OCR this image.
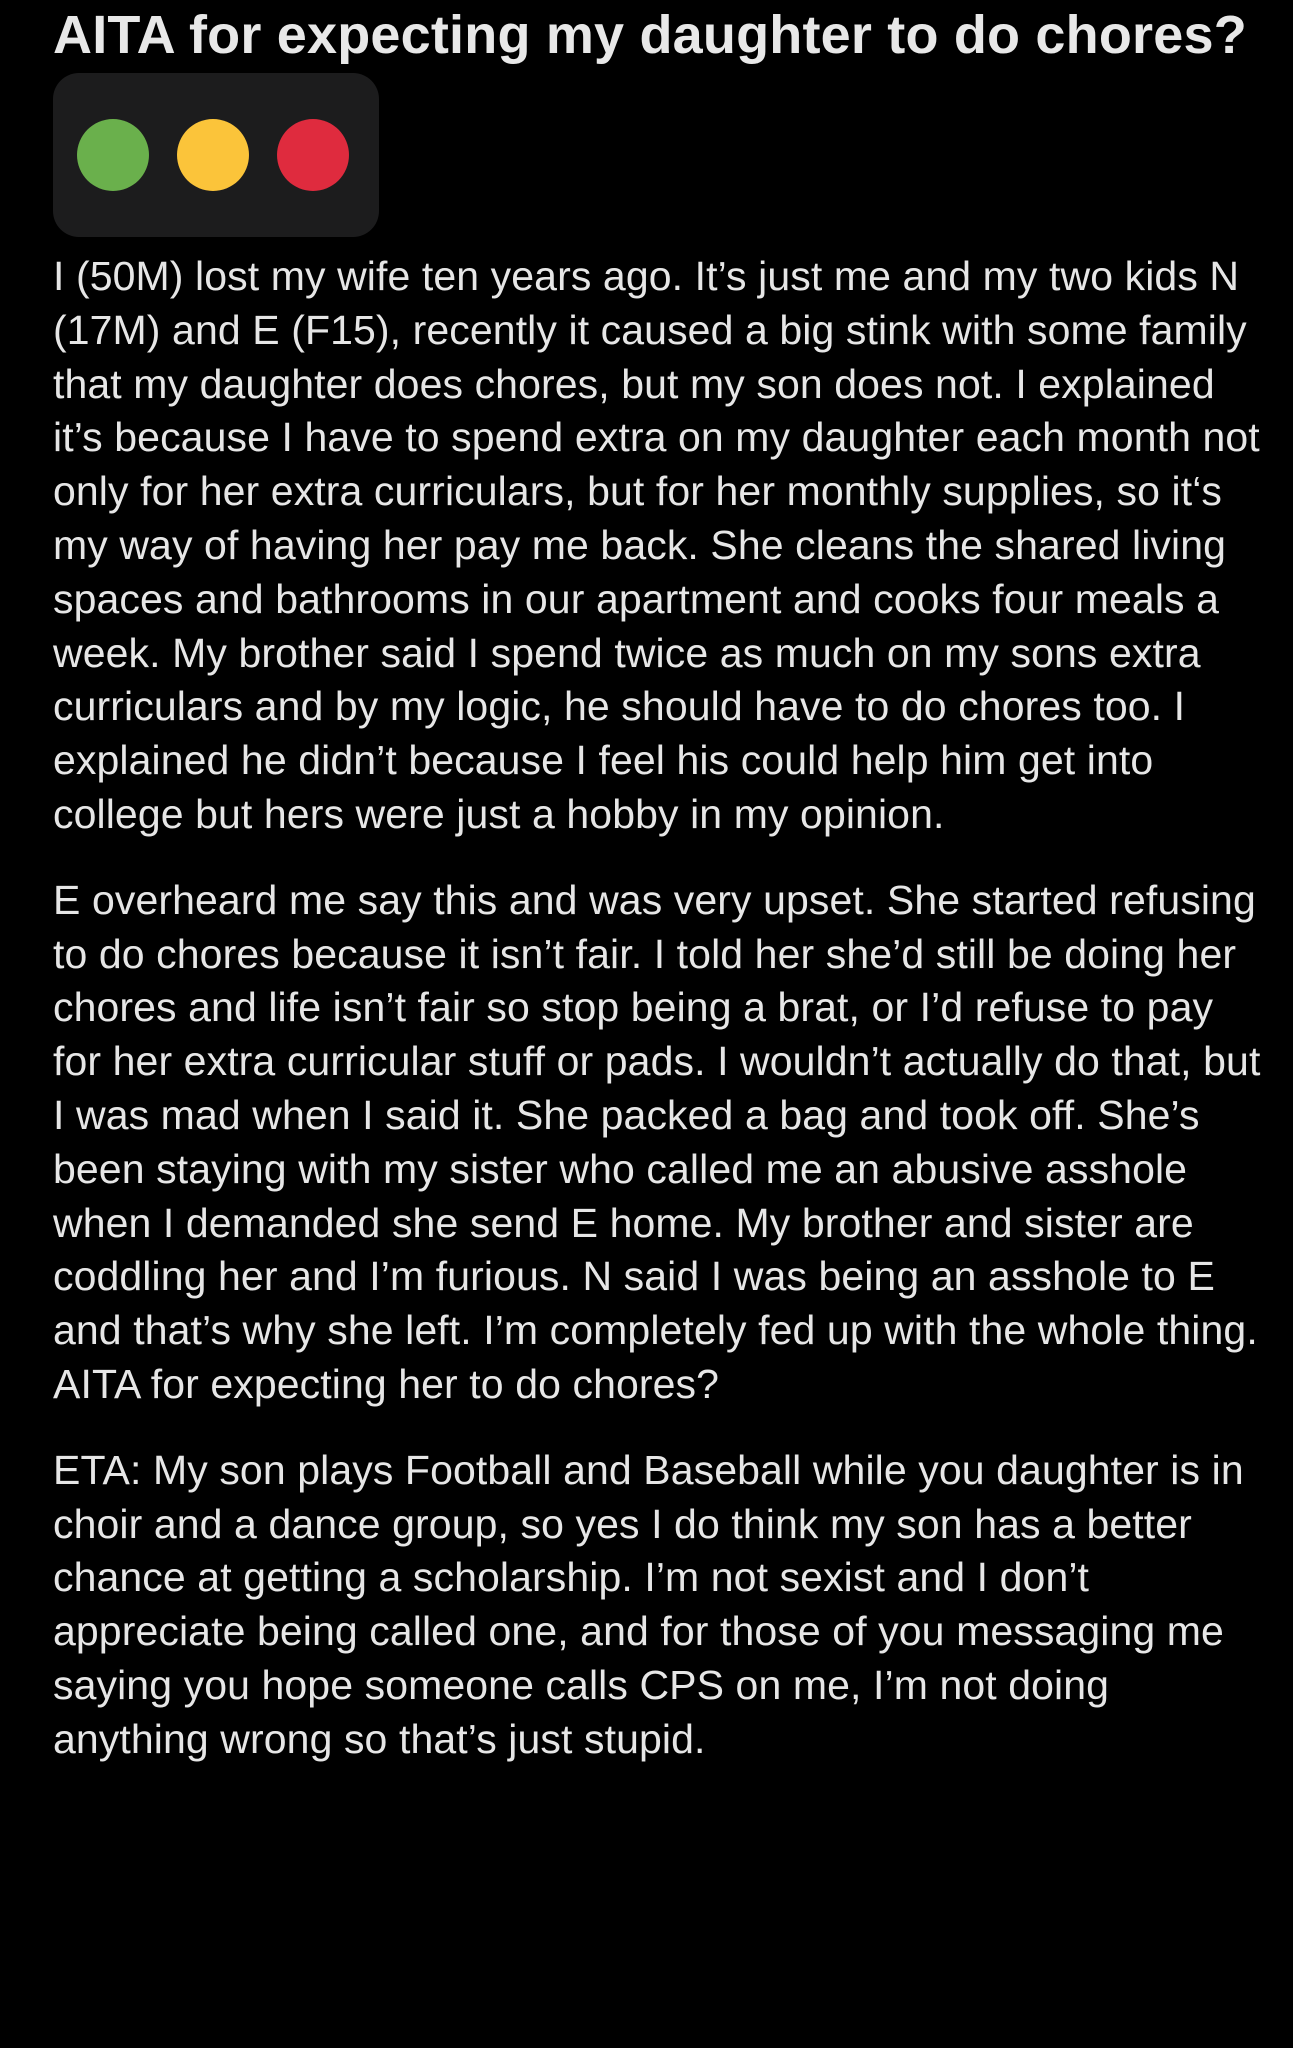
AITA for expecting my daughter to do chores?

I (50M) lost my wife ten years ago. It’s just me and my two kids N (17M) and E (F15), recently it caused a big stink with some family that my daughter does chores, but my son does not. I explained it’s because I have to spend extra on my daughter each month not only for her extra curriculars, but for her monthly supplies, so it‘s my way of having her pay me back. She cleans the shared living spaces and bathrooms in our apartment and cooks four meals a week. My brother said I spend twice as much on my sons extra curriculars and by my logic, he should have to do chores too. I explained he didn’t because I feel his could help him get into college but hers were just a hobby in my opinion.

E overheard me say this and was very upset. She started refusing to do chores because it isn’t fair. I told her she’d still be doing her chores and life isn’t fair so stop being a brat, or I’d refuse to pay for her extra curricular stuff or pads. I wouldn’t actually do that, but I was mad when I said it. She packed a bag and took off. She’s been staying with my sister who called me an abusive asshole when I demanded she send E home. My brother and sister are coddling her and I’m furious. N said I was being an asshole to E and that’s why she left. I’m completely fed up with the whole thing. AITA for expecting her to do chores?

ETA: My son plays Football and Baseball while you daughter is in choir and a dance group, so yes I do think my son has a better chance at getting a scholarship. I’m not sexist and I don’t appreciate being called one, and for those of you messaging me saying you hope someone calls CPS on me, I’m not doing anything wrong so that’s just stupid.
